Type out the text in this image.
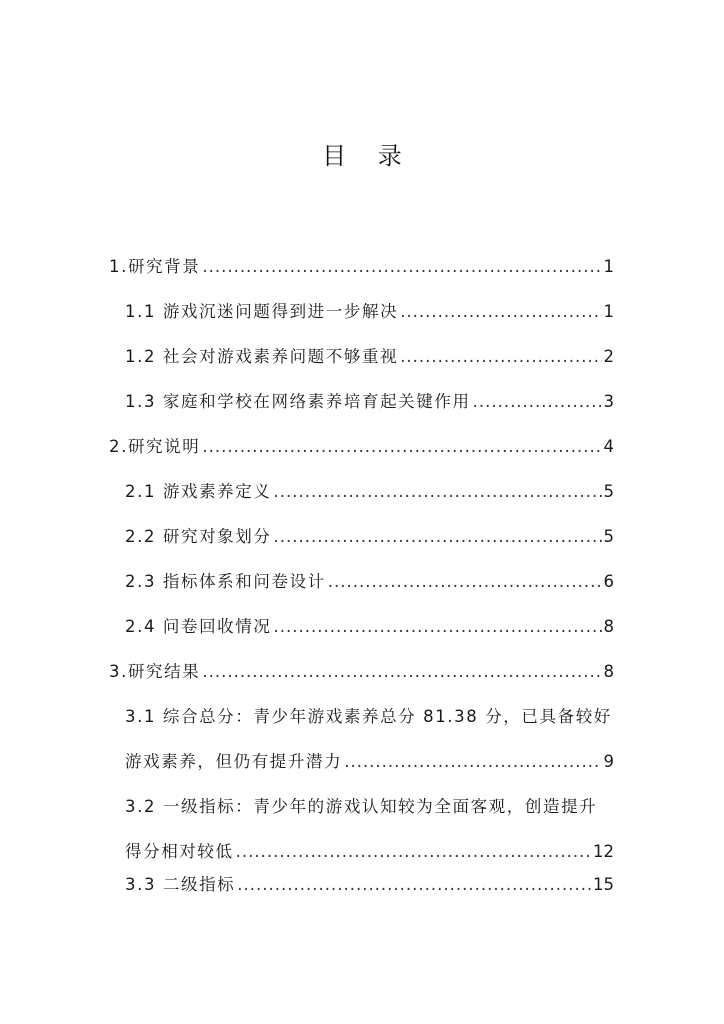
目 录
1.研究背景 .....	1
1.1 游戏沉迷问题得到进一步解决 .....	1
1.2 社会对游戏素养问题不够重视 .....	2
1.3 家庭和学校在网络素养培育起关键作用 .....	3
2.研究说明 .....	4
2.1 游戏素养定义 .....	5
2.2 研究对象划分 .....	5
2.3 指标体系和问卷设计 .....	6
2.4 问卷回收情况 .....	8
3.研究结果 .....	8
3.1 综合总分：青少年游戏素养总分 81.38 分，已具备较好
游戏素养，但仍有提升潜力 .....	9
3.2 一级指标：青少年的游戏认知较为全面客观，创造提升
得分相对较低 .....	12
3.3 二级指标 .....	15
